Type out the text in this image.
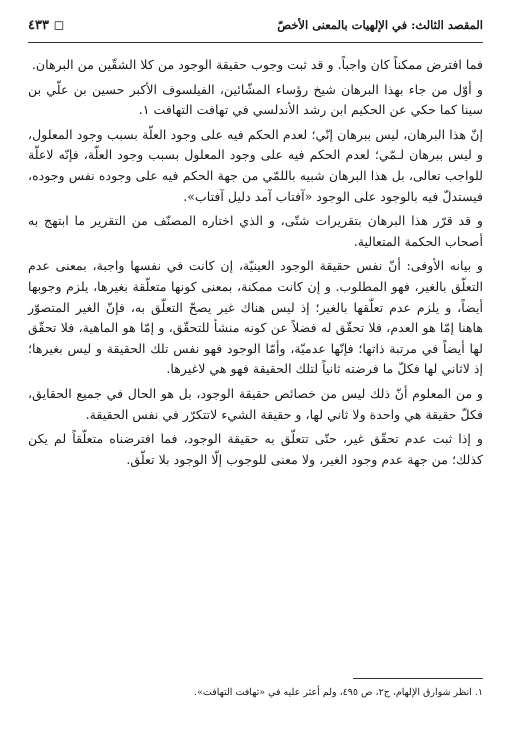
المقصد الثالث: في الإلهيات بالمعنى الأخصّ
◻ ٤٣٣

فما افترض ممكناً كان واجباً. و قد ثبت وجوب حقيقة الوجود من كلا الشقّين من البرهان.

و أوّل من جاء بهذا البرهان شيخ رؤساء المشّائين، الفيلسوف الأكبر حسين بن علّي بن سينا كما حكي عن الحكيم ابن رشد الأندلسي في تهافت التهافت ١.

إنّ هذا البرهان، ليس ببرهان إنّي؛ لعدم الحكم فيه على وجود العلّة بسبب وجود المعلول، و ليس ببرهان لـمّي؛ لعدم الحكم فيه على وجود المعلول بسبب وجود العلّة، فإنّه لاعلّة للواجب تعالى، بل هذا البرهان شبيه باللمّي من جهة الحكم فيه على وجوده نفس وجوده، فيستدلّ فيه بالوجود على الوجود «آفتاب آمد دليل آفتاب».

و قد قرّر هذا البرهان بتقريرات شتّى، و الذي اختاره المصنّف من التقرير ما ابتهج به أصحاب الحكمة المتعالية.

و بيانه الأوفى: أنّ نفس حقيقة الوجود العينيّة، إن كانت في نفسها واجبة، بمعنى عدم التعلّق بالغير، فهو المطلوب. و إن كانت ممكنة، بمعنى كونها متعلّقة بغيرها، يلزم وجوبها أيضاً، و يلزم عدم تعلّقها بالغير؛ إذ ليس هناك غير يصحّ التعلّق به، فإنّ الغير المتصوّر هاهنا إمّا هو العدم، فلا تحقّق له فضلاً عن كونه منشأ للتحقّق، و إمّا هو الماهية، فلا تحقّق لها أيضاً في مرتبة ذاتها؛ فإنّها عدميّة، وأمّا الوجود فهو نفس تلك الحقيقة و ليس بغيرها؛ إذ لاثاني لها فكلّ ما فرضته ثانياً لتلك الحقيقة فهو هي لاغيرها.

و من المعلوم أنّ ذلك ليس من خصائص حقيقة الوجود، بل هو الحال في جميع الحقايق، فكلّ حقيقة هي واحدة ولا ثاني لها، و حقيقة الشيء لاتتكرّر في نفس الحقيقة.

و إذا ثبت عدم تحقّق غير، حتّى تتعلّق به حقيقة الوجود، فما افترضناه متعلّقاً لم يكن كذلك؛ من جهة عدم وجود الغير، ولا معنى للوجوب إلّا الوجود بلا تعلّق.

١. انظر شوارق الإلهام، ج٢، ص ٤٩٥، ولم أعثر عليه في «تهافت التهافت».
